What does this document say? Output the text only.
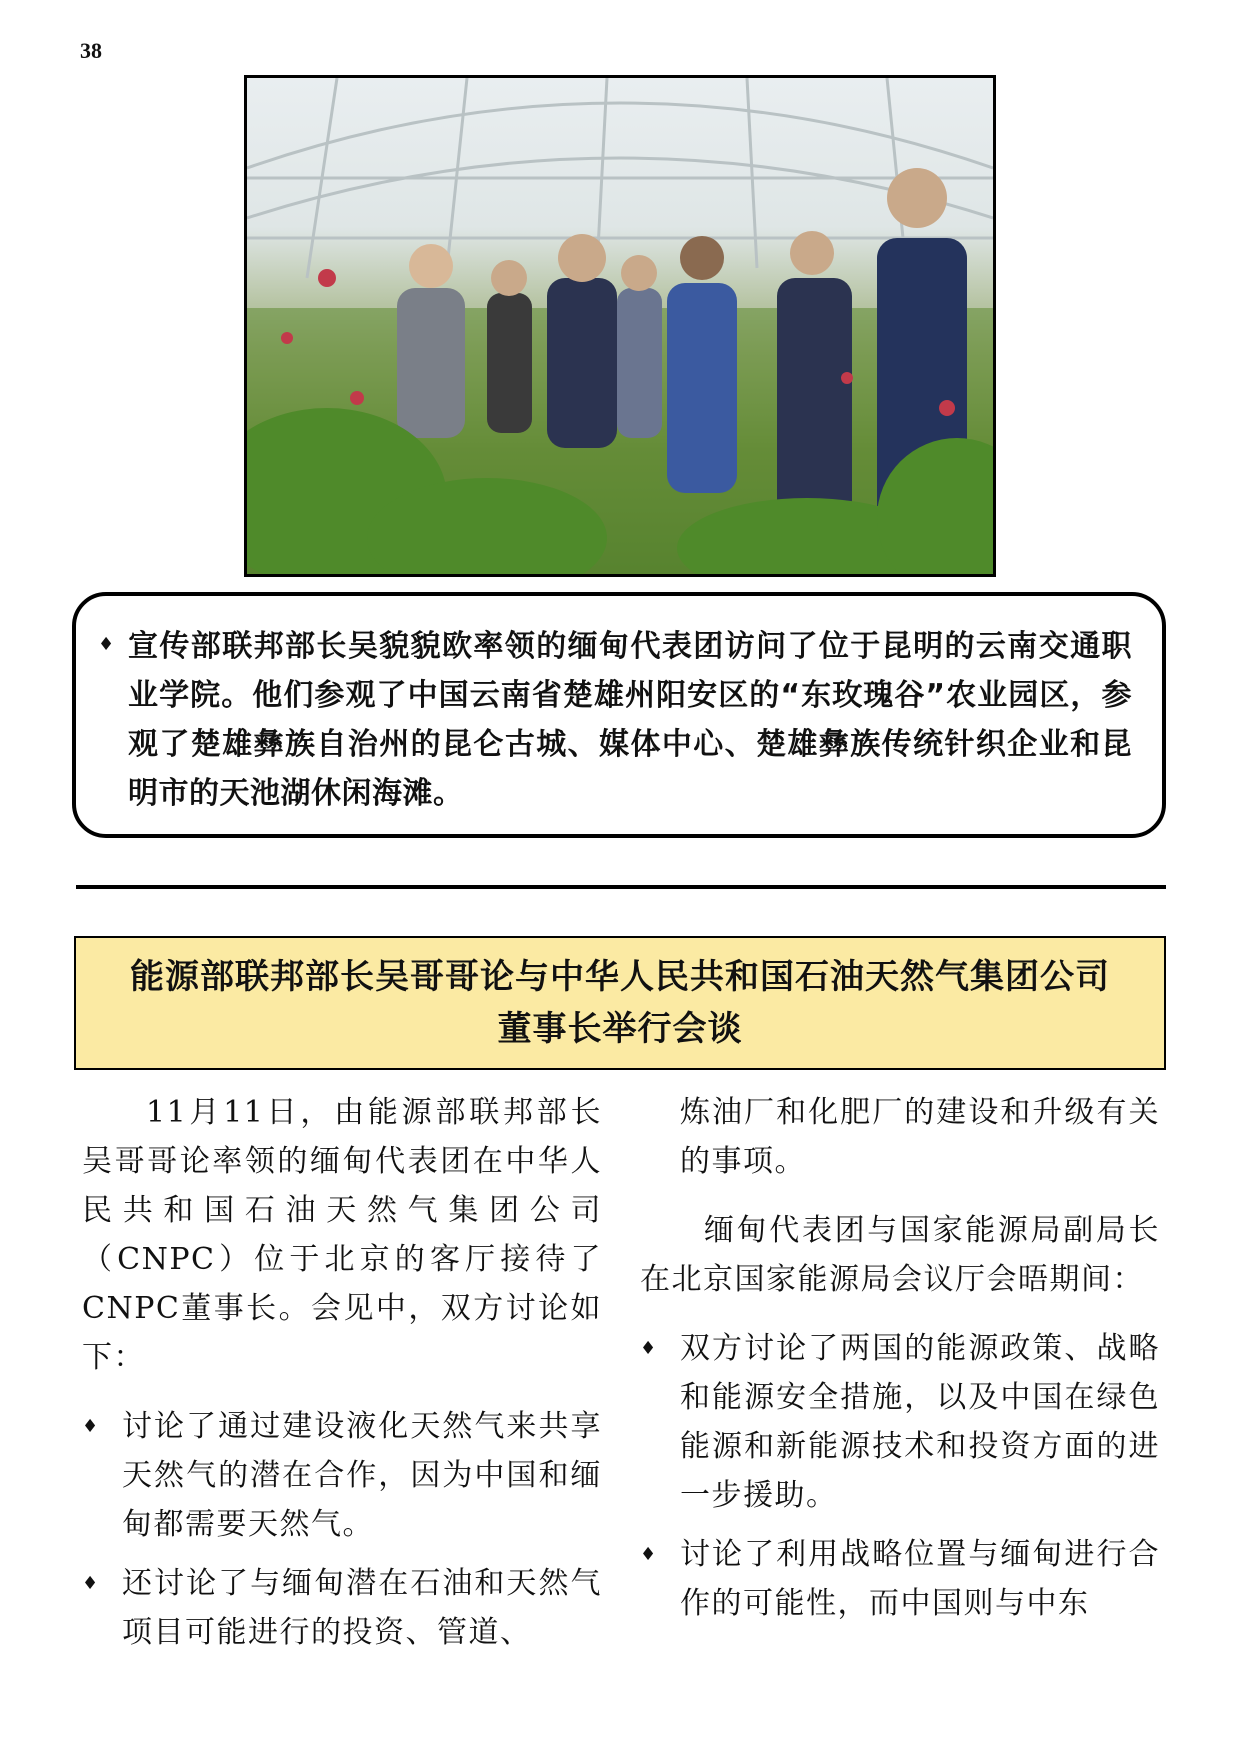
38
♦ 宣传部联邦部长吴貌貌欧率领的缅甸代表团访问了位于昆明的云南交通职业学院。他们参观了中国云南省楚雄州阳安区的“东玫瑰谷”农业园区，参观了楚雄彝族自治州的昆仑古城、媒体中心、楚雄彝族传统针织企业和昆明市的天池湖休闲海滩。
能源部联邦部长吴哥哥论与中华人民共和国石油天然气集团公司
董事长举行会谈

11月11日，由能源部联邦部长吴哥哥论率领的缅甸代表团在中华人民共和国石油天然气集团公司（CNPC）位于北京的客厅接待了CNPC董事长。会见中，双方讨论如下：

♦ 讨论了通过建设液化天然气来共享天然气的潜在合作，因为中国和缅甸都需要天然气。
♦ 还讨论了与缅甸潜在石油和天然气项目可能进行的投资、管道、
炼油厂和化肥厂的建设和升级有关的事项。

缅甸代表团与国家能源局副局长在北京国家能源局会议厅会晤期间：

♦ 双方讨论了两国的能源政策、战略和能源安全措施，以及中国在绿色能源和新能源技术和投资方面的进一步援助。
♦ 讨论了利用战略位置与缅甸进行合作的可能性，而中国则与中东
